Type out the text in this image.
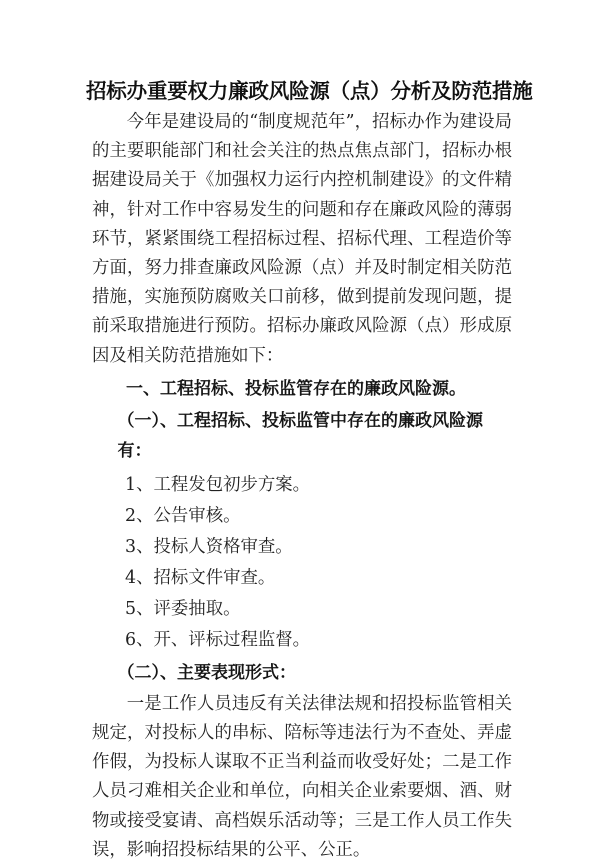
招标办重要权力廉政风险源（点）分析及防范措施

今年是建设局的“制度规范年”，招标办作为建设局的主要职能部门和社会关注的热点焦点部门，招标办根据建设局关于《加强权力运行内控机制建设》的文件精神，针对工作中容易发生的问题和存在廉政风险的薄弱环节，紧紧围绕工程招标过程、招标代理、工程造价等方面，努力排查廉政风险源（点）并及时制定相关防范措施，实施预防腐败关口前移，做到提前发现问题，提前采取措施进行预防。招标办廉政风险源（点）形成原因及相关防范措施如下：

一、工程招标、投标监管存在的廉政风险源。
（一）、工程招标、投标监管中存在的廉政风险源有：
1、工程发包初步方案。
2、公告审核。
3、投标人资格审查。
4、招标文件审查。
5、评委抽取。
6、开、评标过程监督。
（二）、主要表现形式：

一是工作人员违反有关法律法规和招投标监管相关规定，对投标人的串标、陪标等违法行为不查处、弄虚作假，为投标人谋取不正当利益而收受好处；二是工作人员刁难相关企业和单位，向相关企业索要烟、酒、财物或接受宴请、高档娱乐活动等；三是工作人员工作失误，影响招投标结果的公平、公正。
